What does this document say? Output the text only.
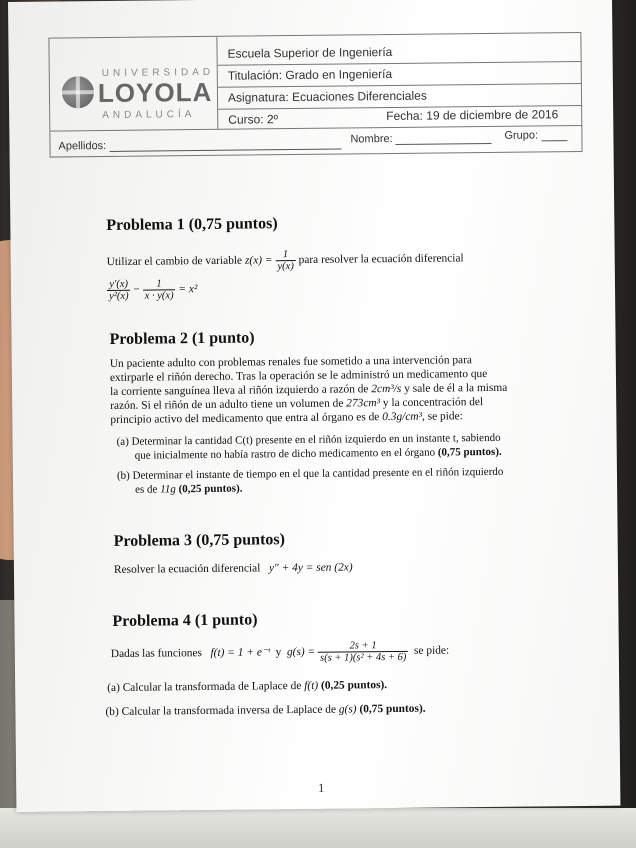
UNIVERSIDAD
LOYOLA
ANDALUCÍA
Escuela Superior de Ingeniería
Titulación: Grado en Ingeniería
Asignatura: Ecuaciones Diferenciales
Curso: 2º	Fecha: 19 de diciembre de 2016
Apellidos:
Nombre:	Grupo:
Problema 1 (0,75 puntos)
Utilizar el cambio de variable $z(x) = \frac{1}{y(x)}$ para resolver la ecuación diferencial
$\frac{y'(x)}{\text{y²(x)}} - \frac{1}{x \cdot y(x)} = x^2$
Problema 2 (1 punto)
Un paciente adulto con problemas renales fue sometido a una intervención para
extirparle el riñón derecho. Tras la operación se le administró un medicamento que
la corriente sanguínea lleva al riñón izquierdo a razón de 2cm³/s y sale de él a la misma
razón. Si el riñón de un adulto tiene un volumen de 273cm³ y la concentración del
principio activo del medicamento que entra al órgano es de 0.3g/cm³, se pide:
(a) Determinar la cantidad C(t) presente en el riñón izquierdo en un instante t, sabiendo
que inicialmente no había rastro de dicho medicamento en el órgano (0,75 puntos).
(b) Determinar el instante de tiempo en el que la cantidad presente en el riñón izquierdo
es de 11g (0,25 puntos).
Problema 3 (0,75 puntos)
Resolver la ecuación diferencial y″ + 4y = sen (2x)
Problema 4 (1 punto)
Dadas las funciones f(t) = 1 + e⁻ᵗ y $g(s) = \frac{2s + 1}{\text{s(s + 1)(s² + 4s + 6)}}$ se pide:
(a) Calcular la transformada de Laplace de f(t) (0,25 puntos).
(b) Calcular la transformada inversa de Laplace de g(s) (0,75 puntos).
1
